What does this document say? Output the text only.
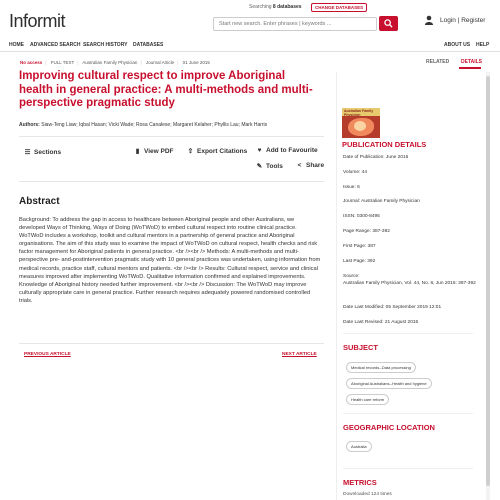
Informit
Searching 8 databases	CHANGE DATABASES
Start new search. Enter phrases | keywords ...	Login | Register
HOME ADVANCED SEARCH SEARCH HISTORY DATABASES	ABOUT US HELP
RELATED DETAILS
No access | FULL TEXT | Australian Family Physician | Journal Article | 01 June 2015
Improving cultural respect to improve Aboriginal health in general practice: A multi-methods and multi-perspective pragmatic study
Authors: Siaw-Teng Liaw; Iqbal Hasan; Vicki Wade; Rosa Canalese; Margaret Kelaher; Phyllis Lau; Mark Harris
☰ Sections	▮ View PDF ⇪ Export Citations	♥ Add to Favourite
✎ Tools	< Share
Abstract
Background: To address the gap in access to healthcare between Aboriginal people and other Australians, we developed Ways of Thinking, Ways of Doing (WoTWoD) to embed cultural respect into routine clinical practice. WoTWoD includes a workshop, toolkit and cultural mentors in a partnership of general practice and Aboriginal organisations. The aim of this study was to examine the impact of WoTWoD on cultural respect, health checks and risk factor management for Aboriginal patients in general practice. <br /><br /> Methods: A multi-methods and multi-perspective pre- and-postintervention pragmatic study with 10 general practices was undertaken, using information from medical records, practice staff, cultural mentors and patients. <br /><br /> Results: Cultural respect, service and clinical measures improved after implementing WoTWoD. Qualitative information confirmed and explained improvements. Knowledge of Aboriginal history needed further improvement. <br /><br /> Discussion: The WoTWoD may improve culturally appropriate care in general practice. Further research requires adequately powered randomised controlled trials.
PREVIOUS ARTICLE	NEXT ARTICLE
Australian Family Physician
PUBLICATION DETAILS
Date of Publication: June 2015
Volume: 44
Issue: 6
Journal: Australian Family Physician
ISSN: 0300-8495
Page Range: 387-392
First Page: 387
Last Page: 392
Source:
Australian Family Physician, Vol. 44, No. 6, Jun 2015: 387-392
Date Last Modified: 05 September 2019 12:01
Date Last Revised: 21 August 2015
SUBJECT
Medical records--Data processing
Aboriginal Australians--Health and hygiene
Health care reform
GEOGRAPHIC LOCATION
Australia
METRICS
Downloaded 124 times
